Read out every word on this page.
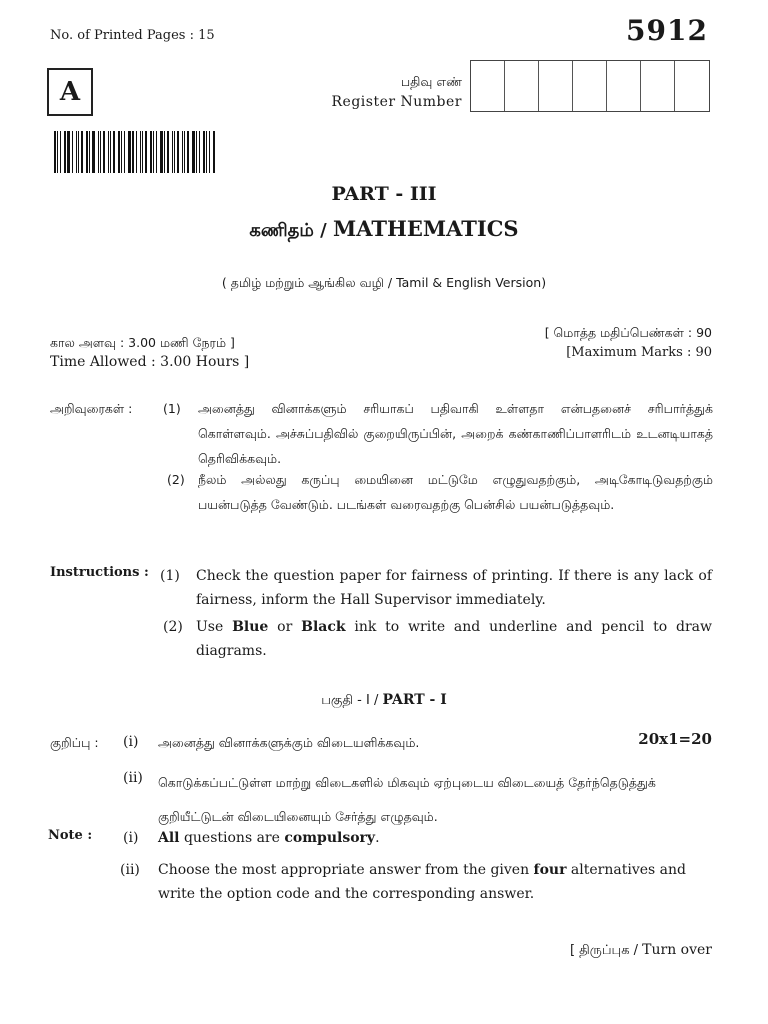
No. of Printed Pages : 15	5912
A	பதிவு எண்
Register Number
PART - III
கணிதம் / MATHEMATICS
( தமிழ் மற்றும் ஆங்கில வழி / Tamil & English Version)
கால அளவு : 3.00 மணி நேரம் ]
Time Allowed : 3.00 Hours ]
[ மொத்த மதிப்பெண்கள் : 90
[Maximum Marks : 90
அறிவுரைகள் : (1) அனைத்து வினாக்களும் சரியாகப் பதிவாகி உள்ளதா என்பதனைச் சரிபார்த்துக் கொள்ளவும். அச்சுப்பதிவில் குறையிருப்பின், அறைக் கண்காணிப்பாளரிடம் உடனடியாகத் தெரிவிக்கவும்.
(2) நீலம் அல்லது கருப்பு மையினை மட்டுமே எழுதுவதற்கும், அடிகோடிடுவதற்கும் பயன்படுத்த வேண்டும். படங்கள் வரைவதற்கு பென்சில் பயன்படுத்தவும்.
Instructions : (1) Check the question paper for fairness of printing. If there is any lack of fairness, inform the Hall Supervisor immediately.
(2) Use Blue or Black ink to write and underline and pencil to draw diagrams.
பகுதி - I / PART - I
குறிப்பு : (i) அனைத்து வினாக்களுக்கும் விடையளிக்கவும்.	20x1=20
(ii) கொடுக்கப்பட்டுள்ள மாற்று விடைகளில் மிகவும் ஏற்புடைய விடையைத் தேர்ந்தெடுத்துக் குறியீட்டுடன் விடையினையும் சேர்த்து எழுதவும்.
Note : (i) All questions are compulsory.
(ii) Choose the most appropriate answer from the given four alternatives and write the option code and the corresponding answer.
[ திருப்புக / Turn over
